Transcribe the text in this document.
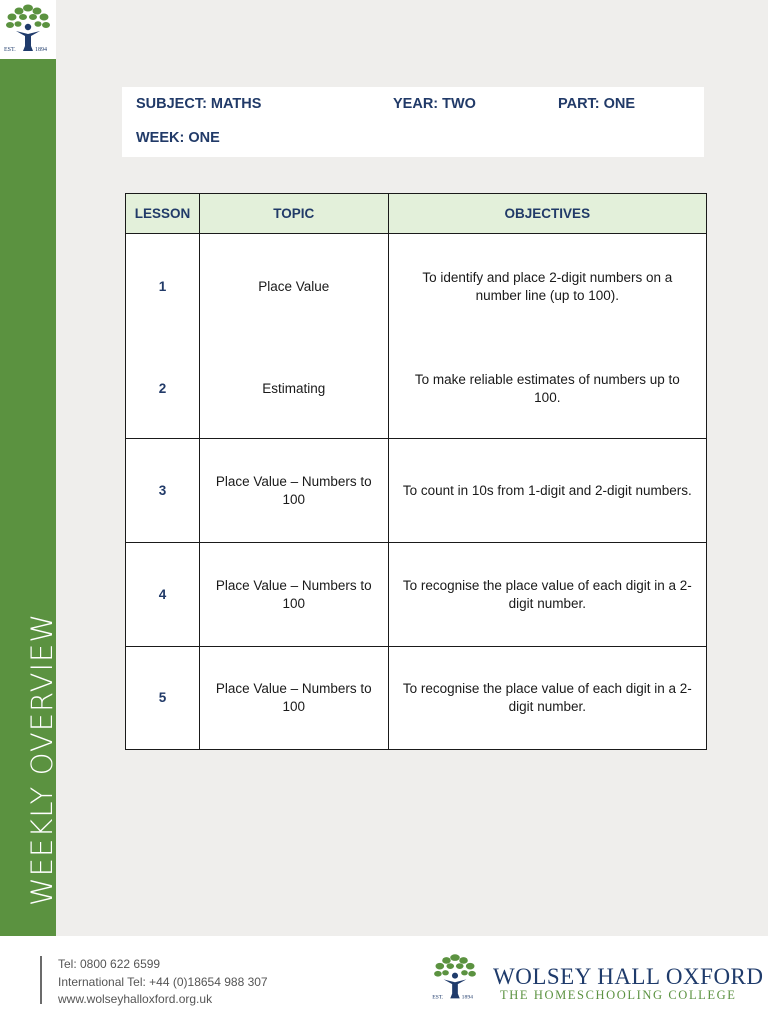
EST.	1894
WEEKLY OVERVIEW
SUBJECT: MATHS	YEAR: TWO	PART: ONE
WEEK: ONE
LESSON	TOPIC	OBJECTIVES
1	Place Value	To identify and place 2-digit numbers on a number line (up to 100).
2	Estimating	To make reliable estimates of numbers up to 100.
3	Place Value – Numbers to 100	To count in 10s from 1-digit and 2-digit numbers.
4	Place Value – Numbers to 100	To recognise the place value of each digit in a 2-digit number.
5	Place Value – Numbers to 100	To recognise the place value of each digit in a 2-digit number.
Tel: 0800 622 6599
International Tel: +44 (0)18654 988 307
www.wolseyhalloxford.org.uk	EST.	1894
WOLSEY HALL OXFORD
THE HOMESCHOOLING COLLEGE
